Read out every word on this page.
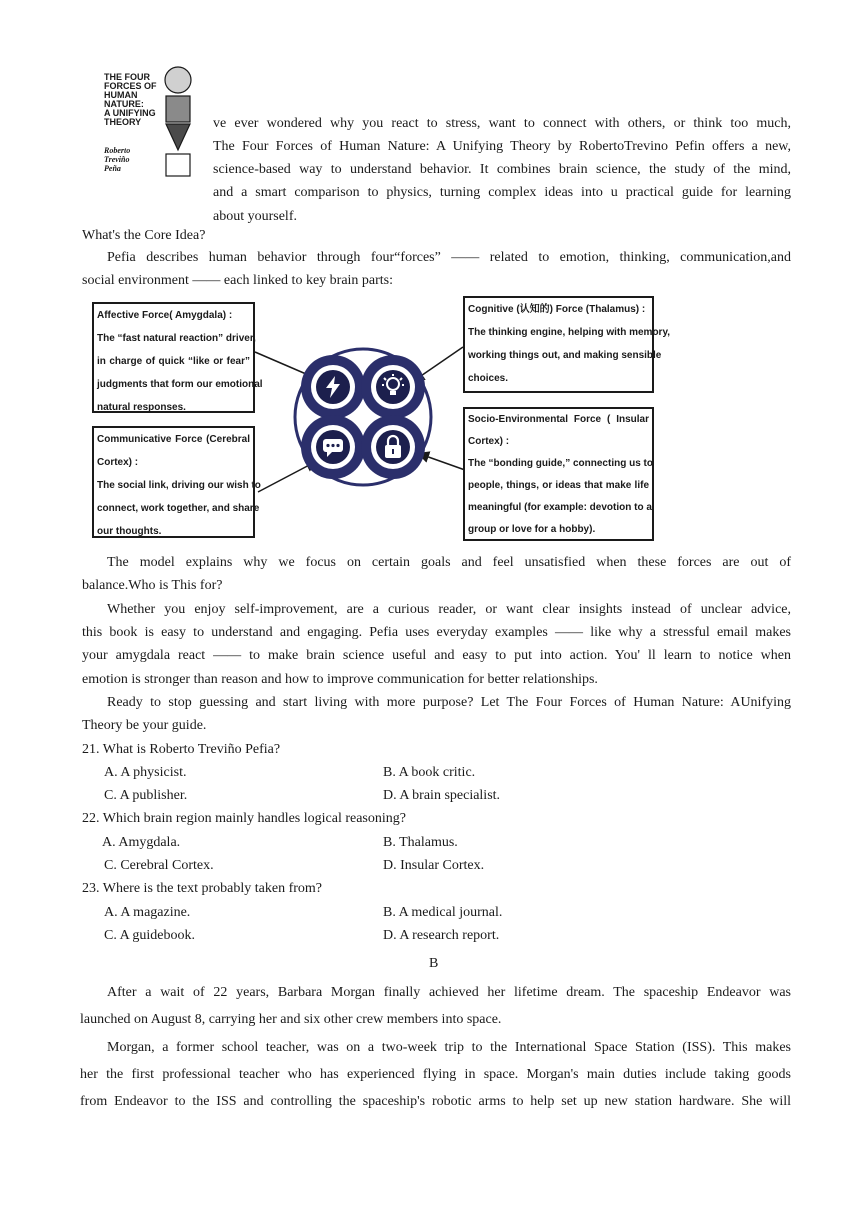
THE FOUR
FORCES OF
HUMAN
NATURE:
A UNIFYING
THEORY
Roberto
Treviño
Peña
ve ever wondered why you react to stress, want to connect with others, or think too much,
The Four Forces of Human Nature: A Unifying Theory by RobertoTrevino Pefin offers a new,
science-based way to understand behavior. It combines brain science, the study of the mind,
and a smart comparison to physics, turning complex ideas into u practical guide for learning
about yourself.
What's the Core Idea?
Pefia describes human behavior through four“forces” —— related to emotion, thinking, communication,and
social environment —— each linked to key brain parts:
Affective Force( Amygdala) :
The “fast natural reaction” driver,
in charge of quick “like or fear”
judgments that form our emotional
natural responses.
Cognitive (认知的) Force (Thalamus) :
The thinking engine, helping with memory,
working things out, and making sensible
choices.
Communicative Force (Cerebral
Cortex) :
The social link, driving our wish to
connect, work together, and share
our thoughts.
Socio-Environmental Force ( Insular
Cortex) :
The “bonding guide,” connecting us to
people, things, or ideas that make life
meaningful (for example: devotion to a
group or love for a hobby).
The model explains why we focus on certain goals and feel unsatisfied when these forces are out of
balance.Who is This for?
Whether you enjoy self-improvement, are a curious reader, or want clear insights instead of unclear advice,
this book is easy to understand and engaging. Pefia uses everyday examples —— like why a stressful email makes
your amygdala react —— to make brain science useful and easy to put into action. You' ll learn to notice when
emotion is stronger than reason and how to improve communication for better relationships.
Ready to stop guessing and start living with more purpose? Let The Four Forces of Human Nature: AUnifying
Theory be your guide.
21. What is Roberto Treviño Pefia?
A. A physicist.	B. A book critic.
C. A publisher.	D. A brain specialist.
22. Which brain region mainly handles logical reasoning?
A. Amygdala.	B. Thalamus.
C. Cerebral Cortex.	D. Insular Cortex.
23. Where is the text probably taken from?
A. A magazine.	B. A medical journal.
C. A guidebook.	D. A research report.
B
After a wait of 22 years, Barbara Morgan finally achieved her lifetime dream. The spaceship Endeavor was
launched on August 8, carrying her and six other crew members into space.
Morgan, a former school teacher, was on a two-week trip to the International Space Station (ISS). This makes
her the first professional teacher who has experienced flying in space. Morgan's main duties include taking goods
from Endeavor to the ISS and controlling the spaceship's robotic arms to help set up new station hardware. She will
